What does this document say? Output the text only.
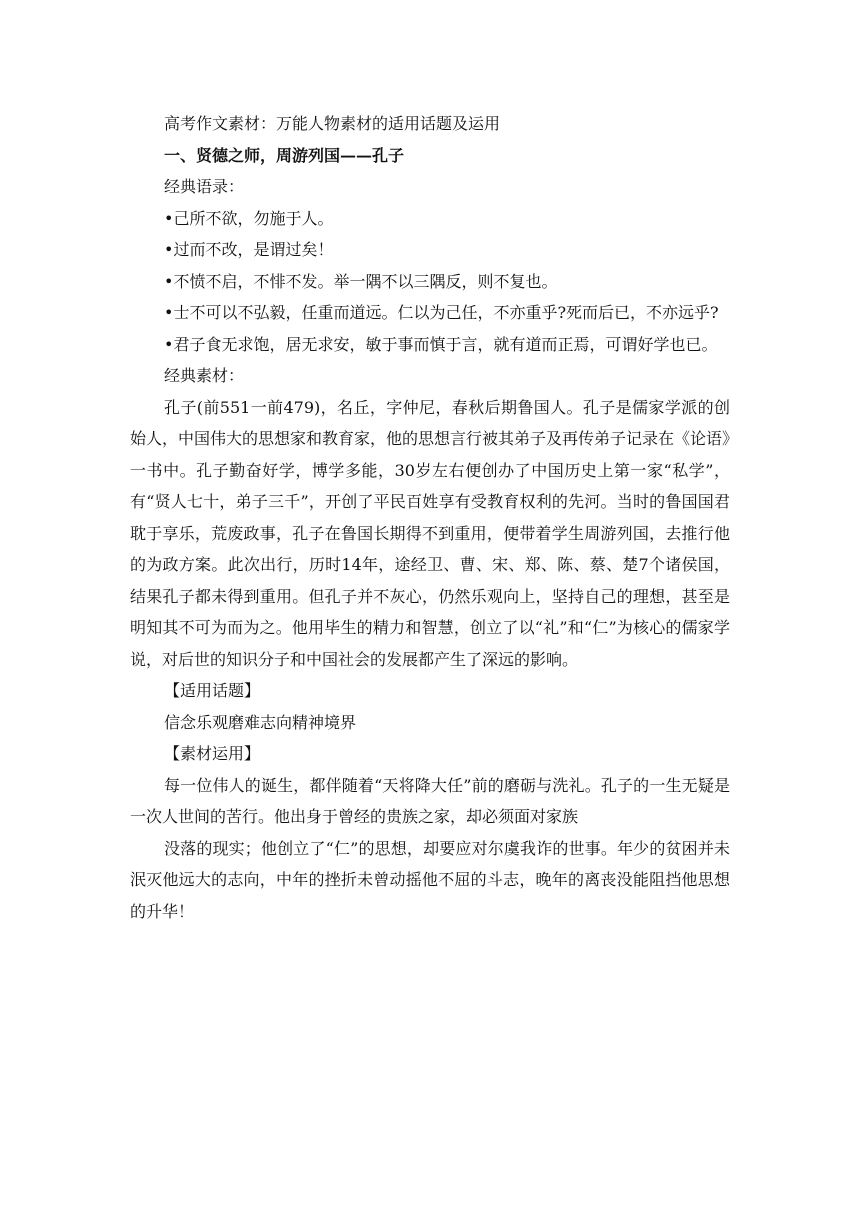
高考作文素材：万能人物素材的适用话题及运用

一、贤德之师，周游列国——孔子

经典语录：

•己所不欲，勿施于人。

•过而不改，是谓过矣！

•不愤不启，不悱不发。举一隅不以三隅反，则不复也。

•士不可以不弘毅，任重而道远。仁以为己任，不亦重乎?死而后已，不亦远乎?

•君子食无求饱，居无求安，敏于事而慎于言，就有道而正焉，可谓好学也已。

经典素材：

孔子(前551一前479)，名丘，字仲尼，春秋后期鲁国人。孔子是儒家学派的创始人，中国伟大的思想家和教育家，他的思想言行被其弟子及再传弟子记录在《论语》一书中。孔子勤奋好学，博学多能，30岁左右便创办了中国历史上第一家“私学”，有“贤人七十，弟子三千”，开创了平民百姓享有受教育权利的先河。当时的鲁国国君耽于享乐，荒废政事，孔子在鲁国长期得不到重用，便带着学生周游列国，去推行他的为政方案。此次出行，历时14年，途经卫、曹、宋、郑、陈、蔡、楚7个诸侯国，结果孔子都未得到重用。但孔子并不灰心，仍然乐观向上，坚持自己的理想，甚至是明知其不可为而为之。他用毕生的精力和智慧，创立了以“礼”和“仁”为核心的儒家学说，对后世的知识分子和中国社会的发展都产生了深远的影响。

【适用话题】

信念乐观磨难志向精神境界

【素材运用】

每一位伟人的诞生，都伴随着“天将降大任”前的磨砺与洗礼。孔子的一生无疑是一次人世间的苦行。他出身于曾经的贵族之家，却必须面对家族

没落的现实；他创立了“仁”的思想，却要应对尔虞我诈的世事。年少的贫困并未泯灭他远大的志向，中年的挫折未曾动摇他不屈的斗志，晚年的离丧没能阻挡他思想的升华！
